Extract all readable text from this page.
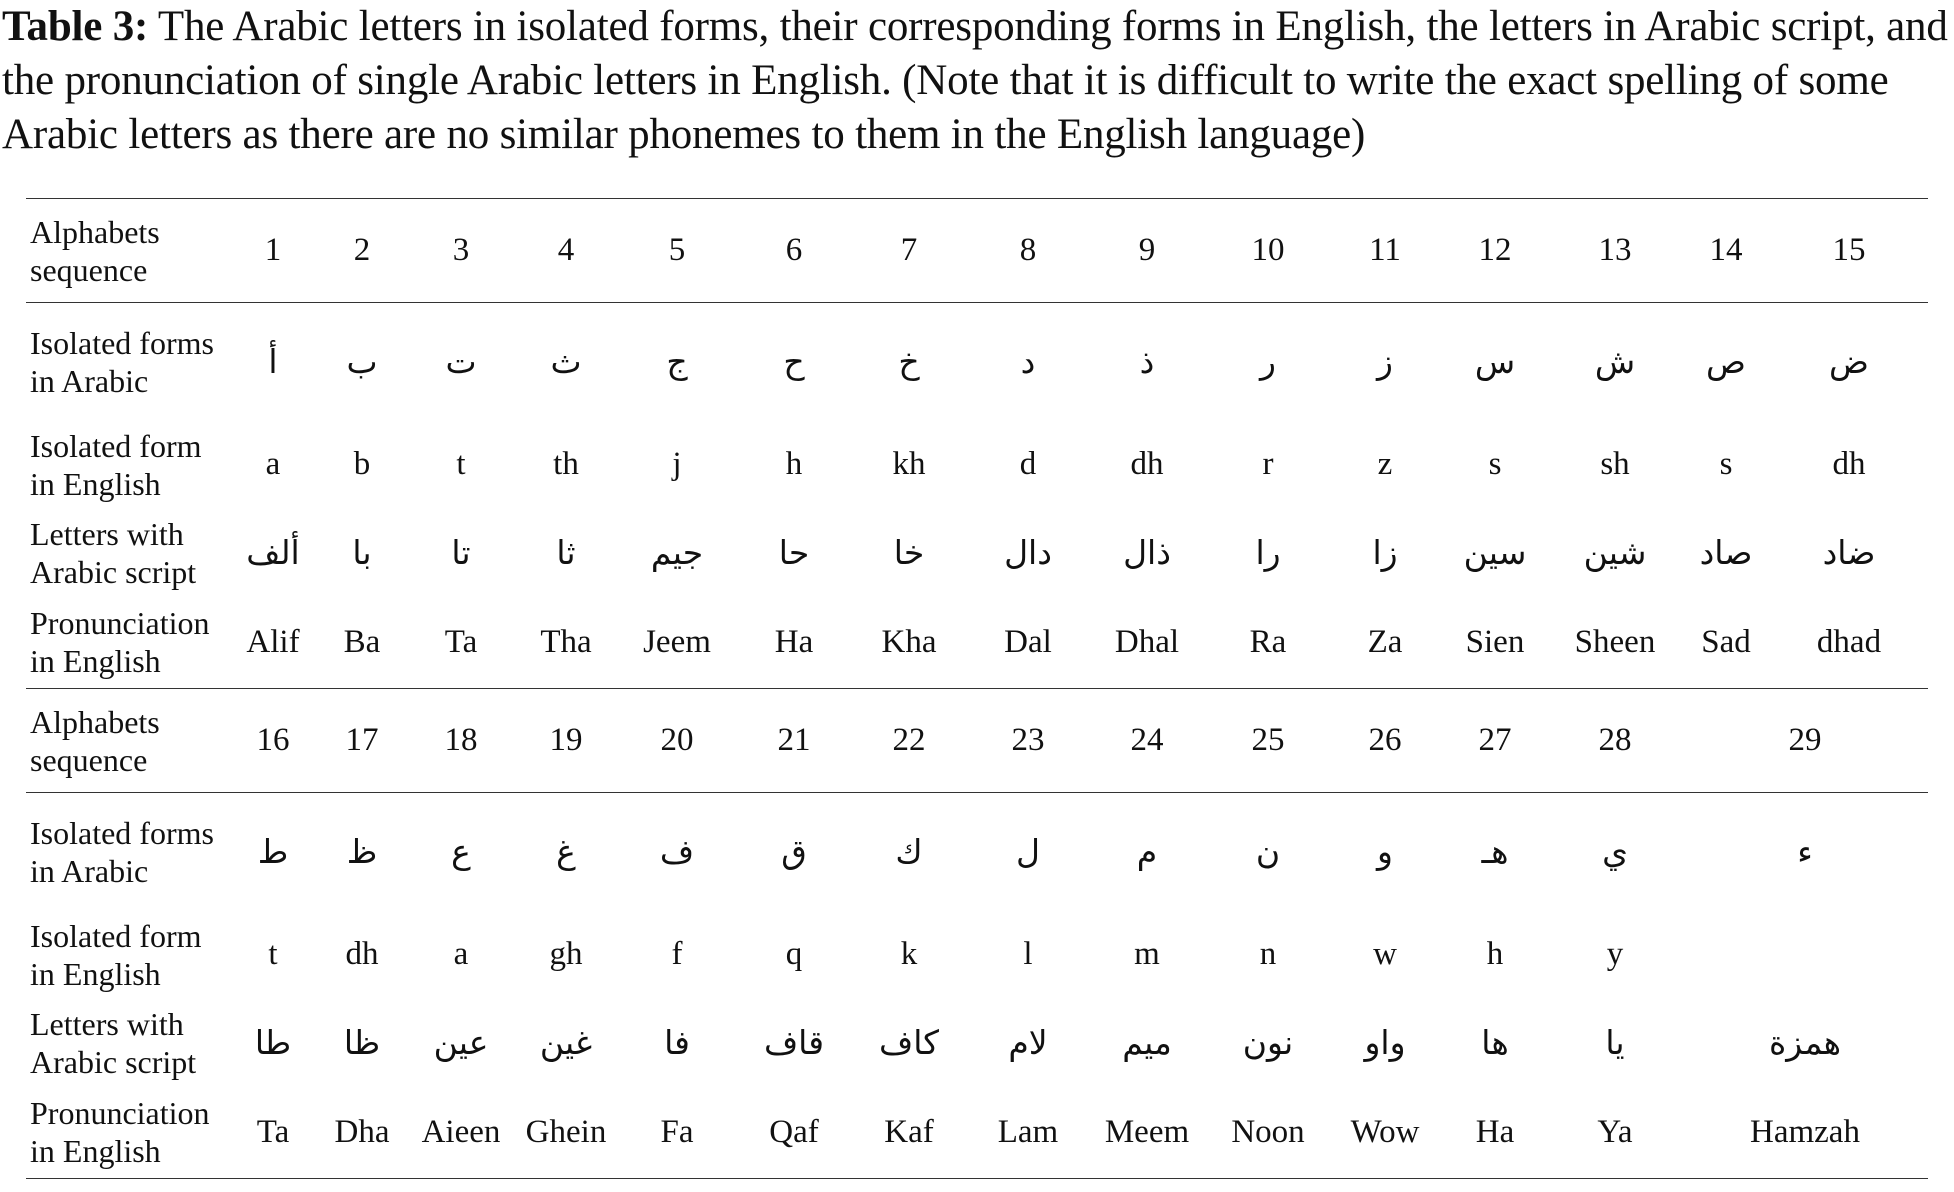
Table 3: The Arabic letters in isolated forms, their corresponding forms in English, the letters in Arabic script, and the pronunciation of single Arabic letters in English. (Note that it is difficult to write the exact spelling of some Arabic letters as there are no similar phonemes to them in the English language)
Alphabets sequence	1	2	3	4	5	6	7	8	9	10	11	12	13	14	15
Isolated forms in Arabic	أ	ب	ت	ث	ج	ح	خ	د	ذ	ر	ز	س	ش	ص	ض
Isolated form in English	a	b	t	th	j	h	kh	d	dh	r	z	s	sh	s	dh
Letters with Arabic script	ألف	با	تا	ثا	جيم	حا	خا	دال	ذال	را	زا	سين	شين	صاد	ضاد
Pronunciation in English	Alif	Ba	Ta	Tha	Jeem	Ha	Kha	Dal	Dhal	Ra	Za	Sien	Sheen	Sad	dhad
Alphabets sequence	16	17	18	19	20	21	22	23	24	25	26	27	28	29	
Isolated forms in Arabic	ط	ظ	ع	غ	ف	ق	ك	ل	م	ن	و	هـ	ي	ء	
Isolated form in English	t	dh	a	gh	f	q	k	l	m	n	w	h	y		
Letters with Arabic script	طا	ظا	عين	غين	فا	قاف	كاف	لام	ميم	نون	واو	ها	يا	همزة	
Pronunciation in English	Ta	Dha	Aieen	Ghein	Fa	Qaf	Kaf	Lam	Meem	Noon	Wow	Ha	Ya	Hamzah	
